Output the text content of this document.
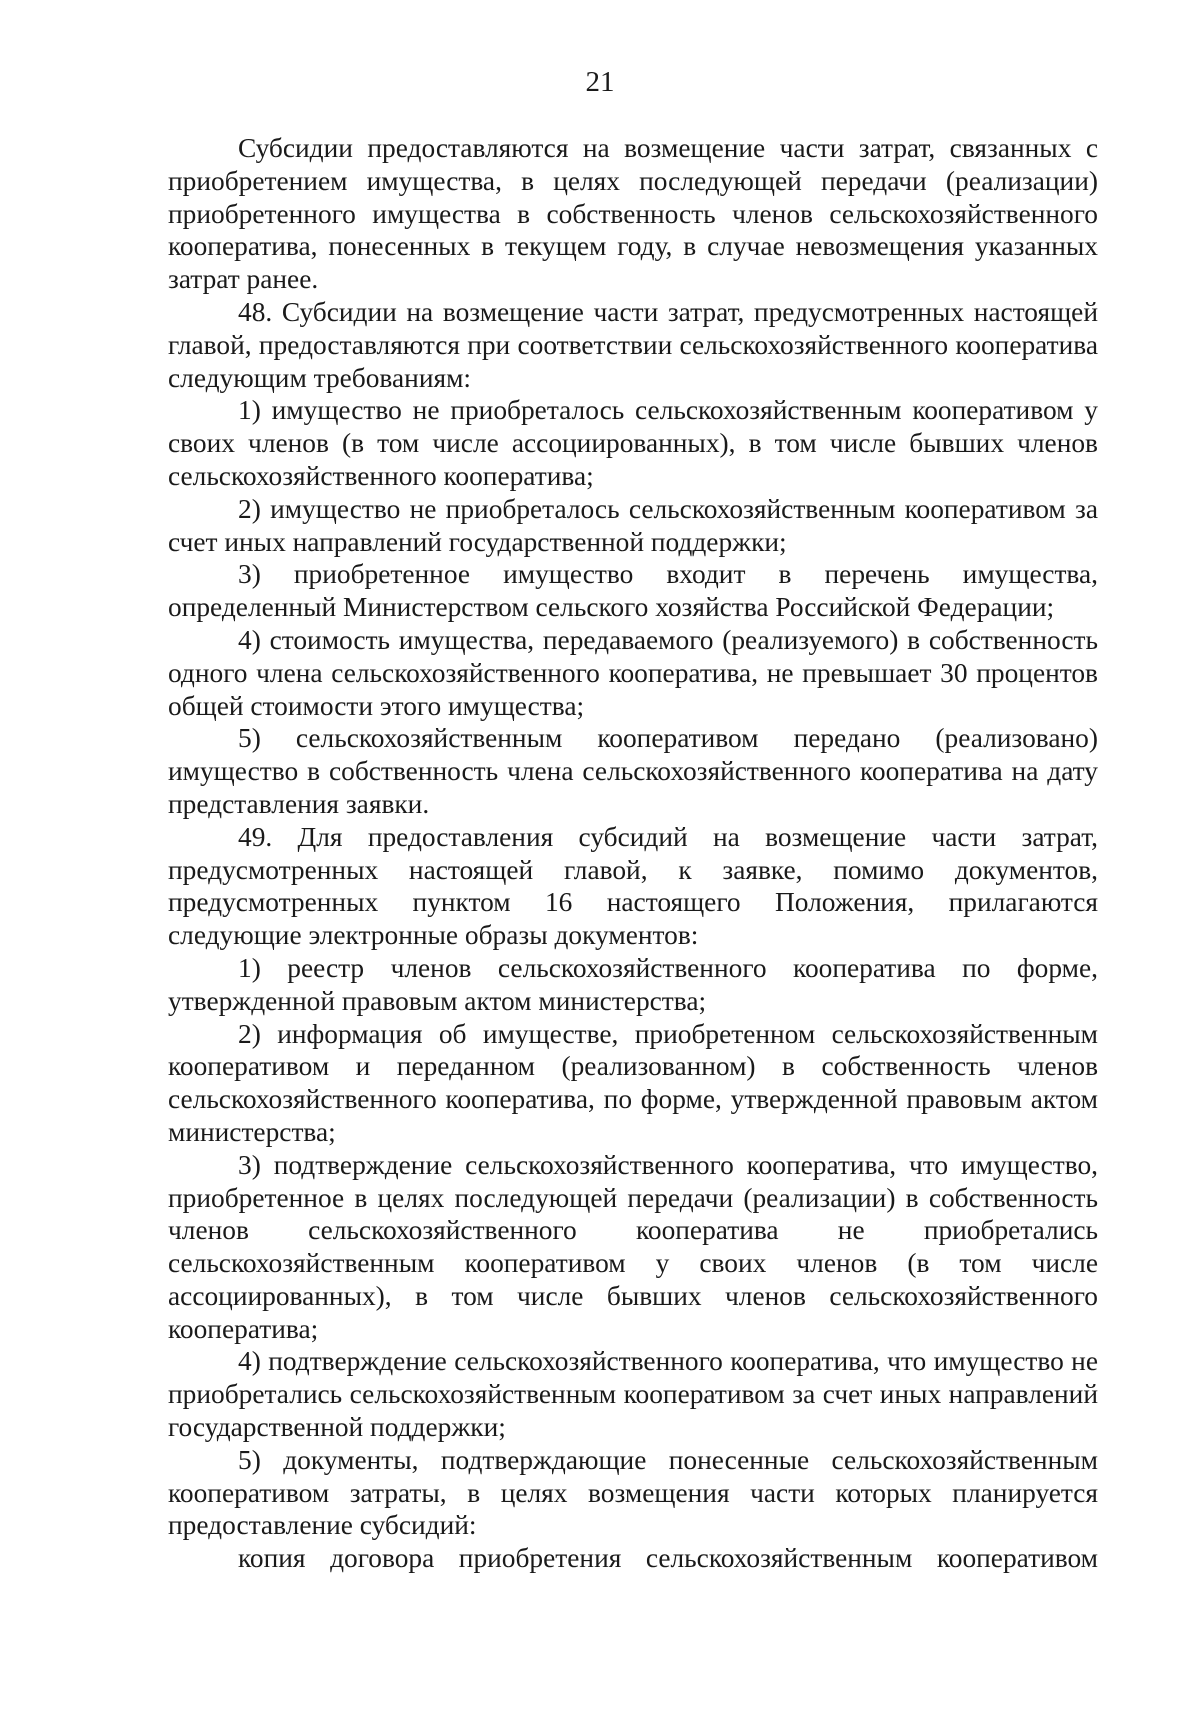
21

Субсидии предоставляются на возмещение части затрат, связанных с приобретением имущества, в целях последующей передачи (реализации) приобретенного имущества в собственность членов сельскохозяйственного кооператива, понесенных в текущем году, в случае невозмещения указанных затрат ранее.

48. Субсидии на возмещение части затрат, предусмотренных настоящей главой, предоставляются при соответствии сельскохозяйственного кооператива следующим требованиям:

1) имущество не приобреталось сельскохозяйственным кооперативом у своих членов (в том числе ассоциированных), в том числе бывших членов сельскохозяйственного кооператива;

2) имущество не приобреталось сельскохозяйственным кооперативом за счет иных направлений государственной поддержки;

3) приобретенное имущество входит в перечень имущества, определенный Министерством сельского хозяйства Российской Федерации;

4) стоимость имущества, передаваемого (реализуемого) в собственность одного члена сельскохозяйственного кооператива, не превышает 30 процентов общей стоимости этого имущества;

5) сельскохозяйственным кооперативом передано (реализовано) имущество в собственность члена сельскохозяйственного кооператива на дату представления заявки.

49. Для предоставления субсидий на возмещение части затрат, предусмотренных настоящей главой, к заявке, помимо документов, предусмотренных пунктом 16 настоящего Положения, прилагаются следующие электронные образы документов:

1) реестр членов сельскохозяйственного кооператива по форме, утвержденной правовым актом министерства;

2) информация об имуществе, приобретенном сельскохозяйственным кооперативом и переданном (реализованном) в собственность членов сельскохозяйственного кооператива, по форме, утвержденной правовым актом министерства;

3) подтверждение сельскохозяйственного кооператива, что имущество, приобретенное в целях последующей передачи (реализации) в собственность членов сельскохозяйственного кооператива не приобретались сельскохозяйственным кооперативом у своих членов (в том числе ассоциированных), в том числе бывших членов сельскохозяйственного кооператива;

4) подтверждение сельскохозяйственного кооператива, что имущество не приобретались сельскохозяйственным кооперативом за счет иных направлений государственной поддержки;

5) документы, подтверждающие понесенные сельскохозяйственным кооперативом затраты, в целях возмещения части которых планируется предоставление субсидий:

копия договора приобретения сельскохозяйственным кооперативом
